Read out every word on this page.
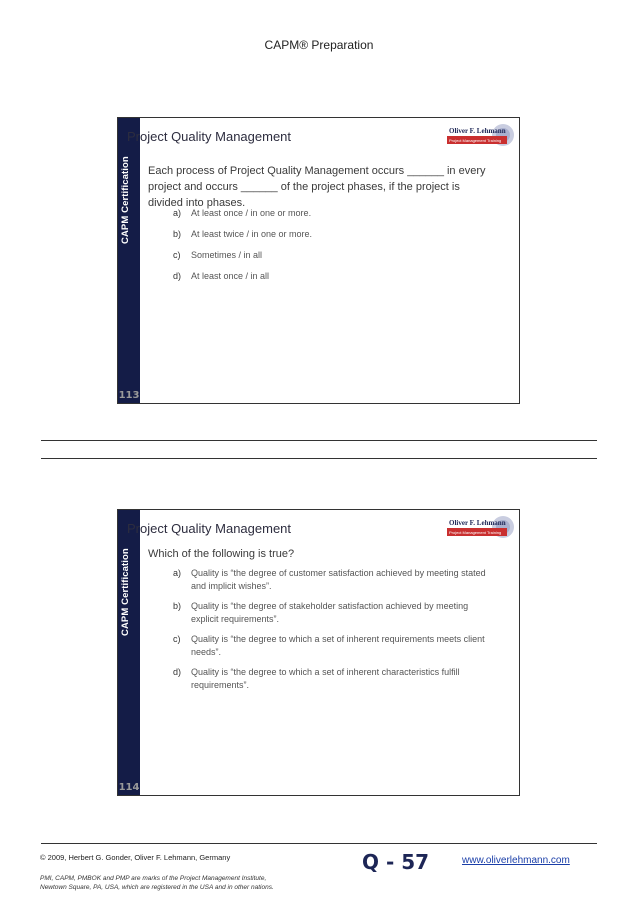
CAPM® Preparation
CAPM Certification
113
Project Quality Management	Oliver F. Lehmann
Project Management Training
Each process of Project Quality Management occurs ______ in every project and occurs ______ of the project phases, if the project is divided into phases.
a)	At least once / in one or more.
b)	At least twice / in one or more.
c)	Sometimes / in all
d)	At least once / in all
CAPM Certification
114
Project Quality Management	Oliver F. Lehmann
Project Management Training
Which of the following is true?
a)	Quality is “the degree of customer satisfaction achieved by meeting stated and implicit wishes”.
b)	Quality is “the degree of stakeholder satisfaction achieved by meeting explicit requirements”.
c)	Quality is “the degree to which a set of inherent requirements meets client needs”.
d)	Quality is “the degree to which a set of inherent characteristics fulfill requirements”.
© 2009, Herbert G. Gonder, Oliver F. Lehmann, Germany
PMI, CAPM, PMBOK and PMP are marks of the Project Management Institute,
Newtown Square, PA, USA, which are registered in the USA and in other nations.
Q - 57	www.oliverlehmann.com
